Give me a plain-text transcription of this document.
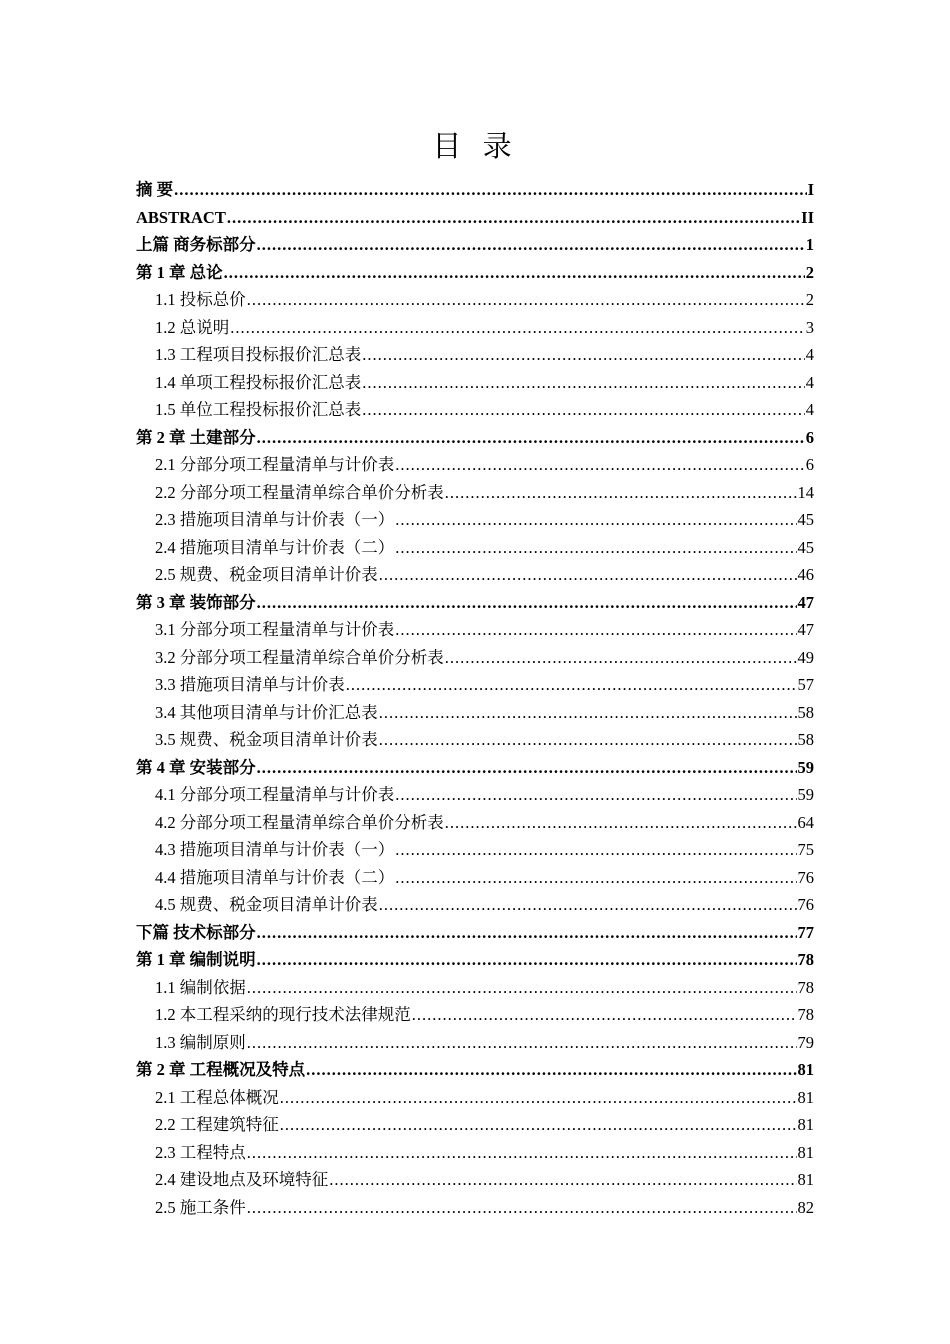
目 录
摘 要 .....	I
ABSTRACT .....	II
上篇 商务标部分 .....	1
第 1 章 总论 .....	2
1.1 投标总价 .....	2
1.2 总说明 .....	3
1.3 工程项目投标报价汇总表 .....	4
1.4 单项工程投标报价汇总表 .....	4
1.5 单位工程投标报价汇总表 .....	4
第 2 章 土建部分 .....	6
2.1 分部分项工程量清单与计价表 .....	6
2.2 分部分项工程量清单综合单价分析表 .....	14
2.3 措施项目清单与计价表（一） .....	45
2.4 措施项目清单与计价表（二） .....	45
2.5 规费、税金项目清单计价表 .....	46
第 3 章 装饰部分 .....	47
3.1 分部分项工程量清单与计价表 .....	47
3.2 分部分项工程量清单综合单价分析表 .....	49
3.3 措施项目清单与计价表 .....	57
3.4 其他项目清单与计价汇总表 .....	58
3.5 规费、税金项目清单计价表 .....	58
第 4 章 安装部分 .....	59
4.1 分部分项工程量清单与计价表 .....	59
4.2 分部分项工程量清单综合单价分析表 .....	64
4.3 措施项目清单与计价表（一） .....	75
4.4 措施项目清单与计价表（二） .....	76
4.5 规费、税金项目清单计价表 .....	76
下篇 技术标部分 .....	77
第 1 章 编制说明 .....	78
1.1 编制依据 .....	78
1.2 本工程采纳的现行技术法律规范 .....	78
1.3 编制原则 .....	79
第 2 章 工程概况及特点 .....	81
2.1 工程总体概况 .....	81
2.2 工程建筑特征 .....	81
2.3 工程特点 .....	81
2.4 建设地点及环境特征 .....	81
2.5 施工条件 .....	82
